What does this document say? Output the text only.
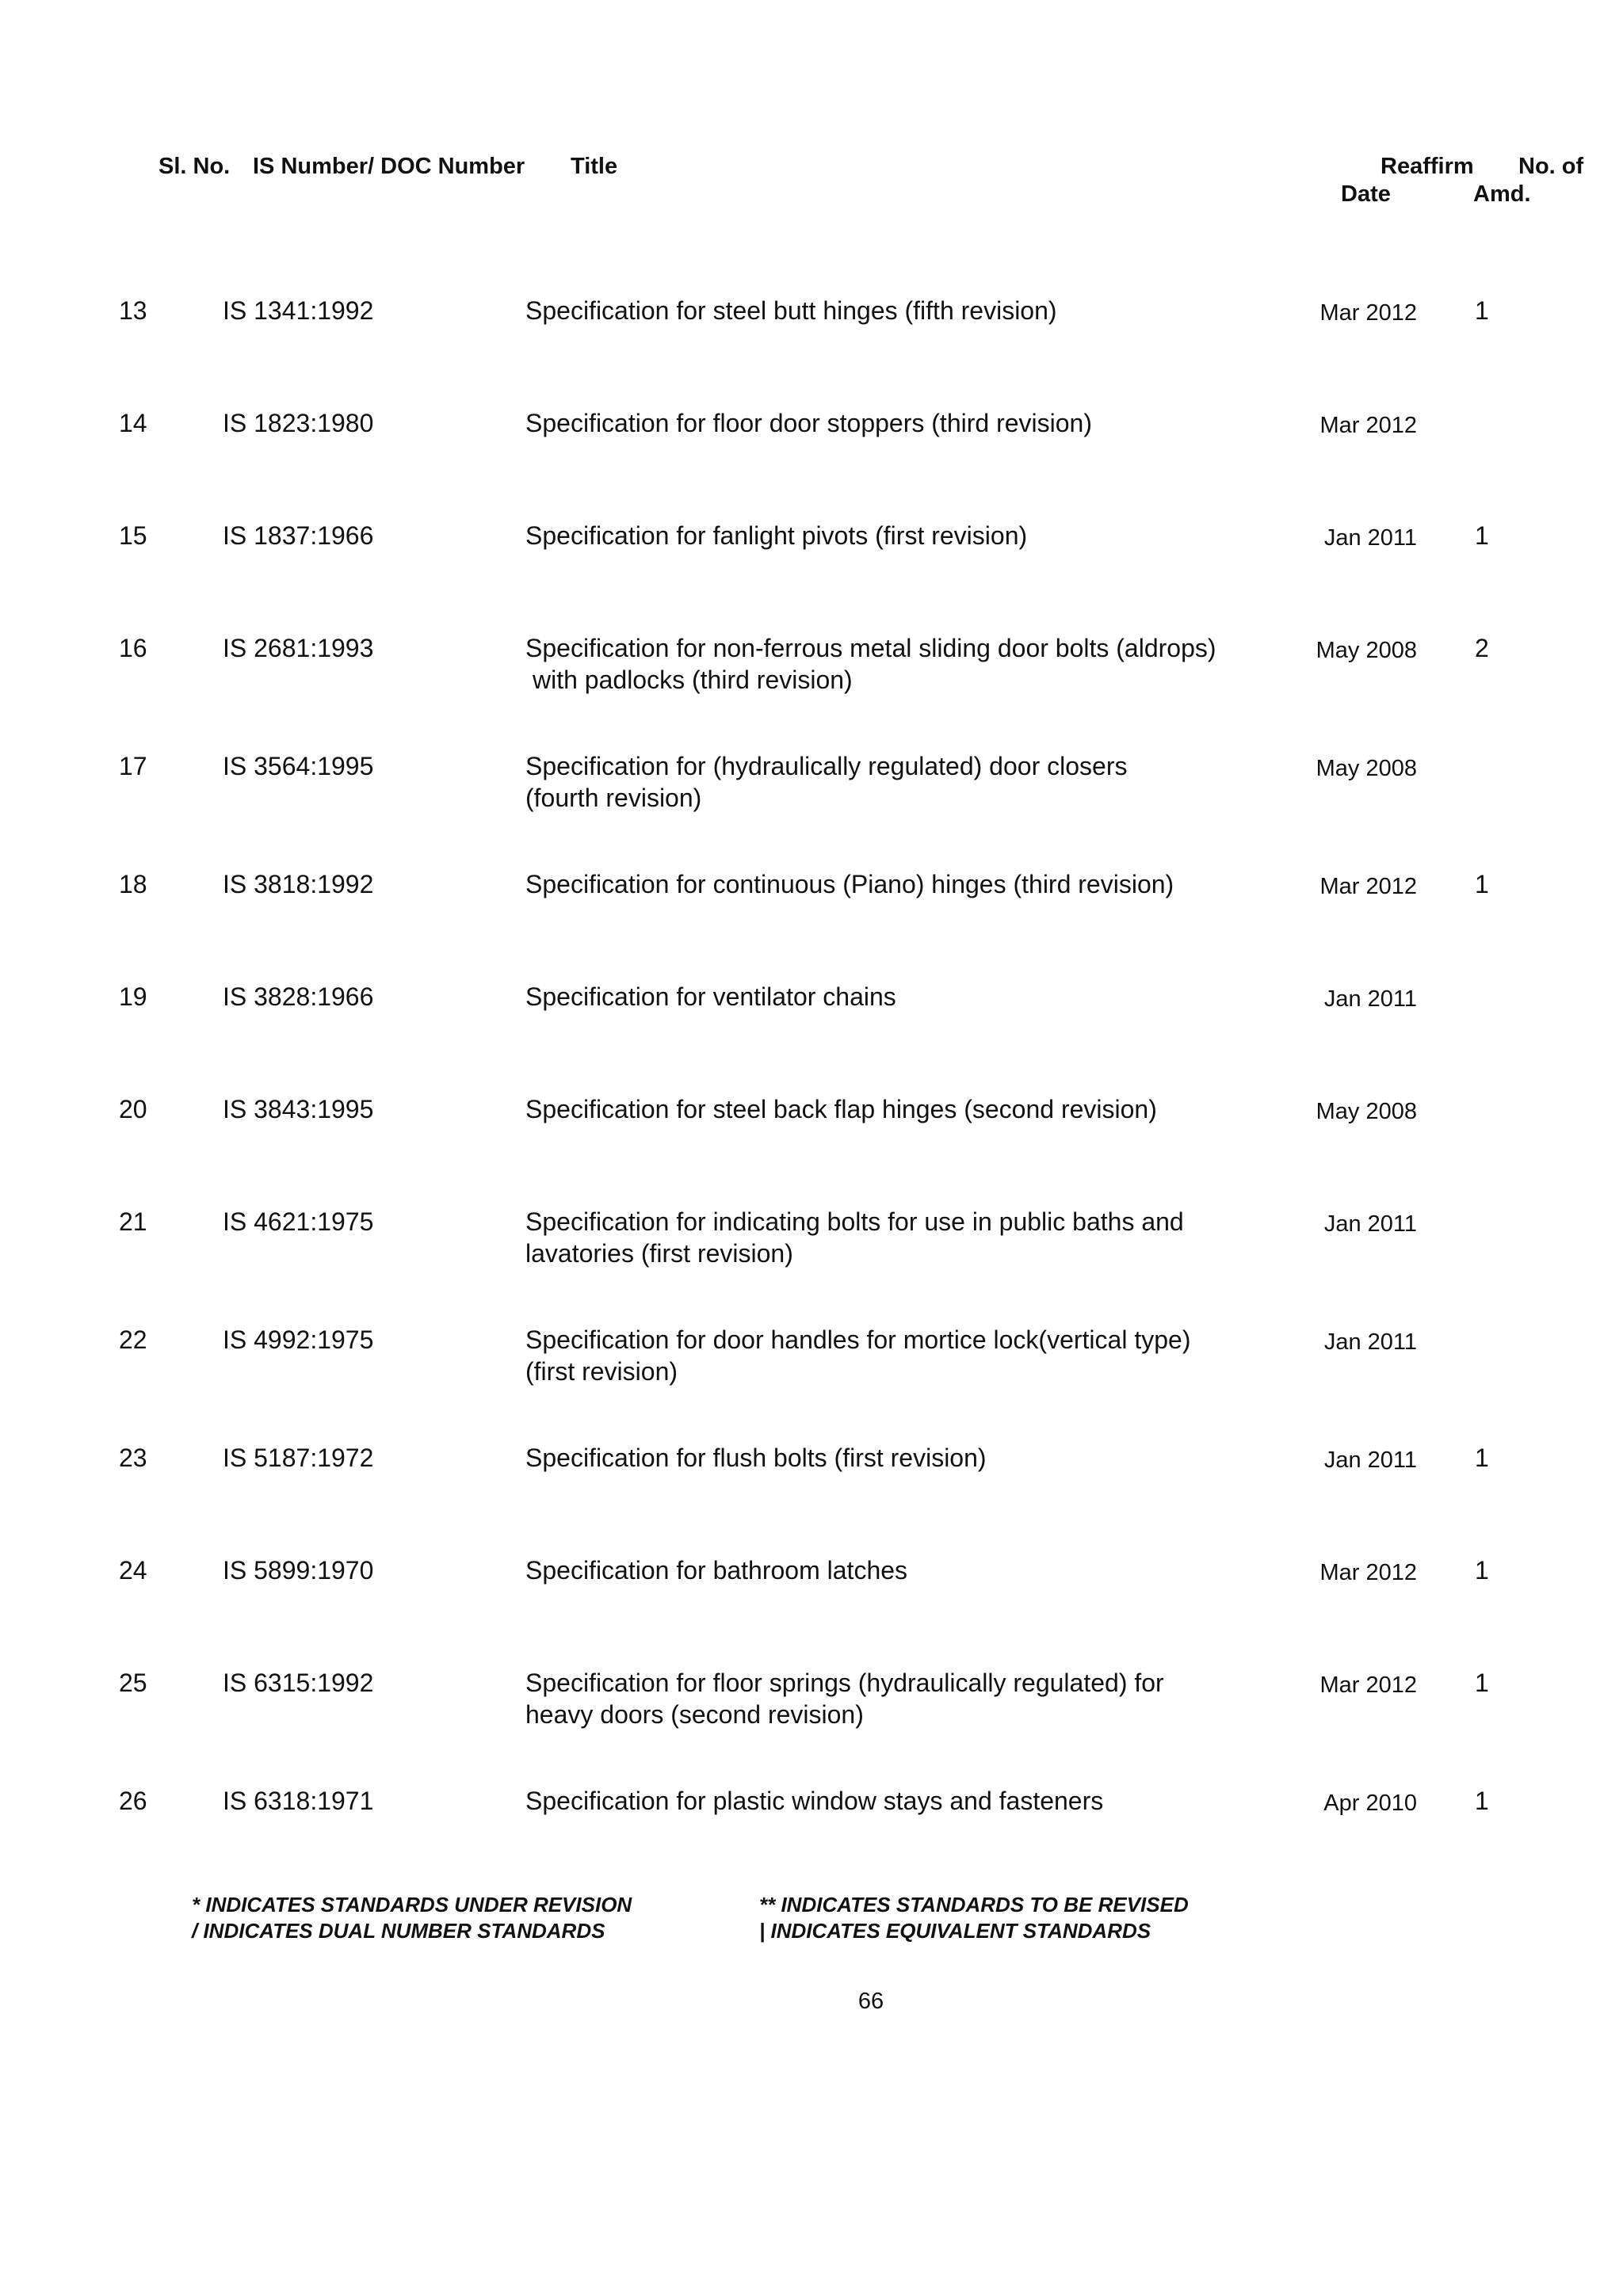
Sl. No. IS Number/ DOC Number Title	Reaffirm No. of
Date	Amd.
13	IS 1341:1992	Specification for steel butt hinges (fifth revision)	Mar 2012 1
14	IS 1823:1980	Specification for floor door stoppers (third revision)	Mar 2012
15	IS 1837:1966	Specification for fanlight pivots (first revision)	Jan 2011 1
16	IS 2681:1993	Specification for non-ferrous metal sliding door bolts (aldrops)
with padlocks (third revision)
May 2008 2
17	IS 3564:1995	Specification for (hydraulically regulated) door closers
(fourth revision)
May 2008
18	IS 3818:1992	Specification for continuous (Piano) hinges (third revision)	Mar 2012 1
19	IS 3828:1966	Specification for ventilator chains	Jan 2011
20	IS 3843:1995	Specification for steel back flap hinges (second revision)	May 2008
21	IS 4621:1975	Specification for indicating bolts for use in public baths and
lavatories (first revision)
Jan 2011
22	IS 4992:1975	Specification for door handles for mortice lock(vertical type)
(first revision)
Jan 2011
23	IS 5187:1972	Specification for flush bolts (first revision)	Jan 2011 1
24	IS 5899:1970	Specification for bathroom latches	Mar 2012 1
25	IS 6315:1992	Specification for floor springs (hydraulically regulated) for
heavy doors (second revision)
Mar 2012 1
26	IS 6318:1971	Specification for plastic window stays and fasteners	Apr 2010 1
* INDICATES STANDARDS UNDER REVISION
/ INDICATES DUAL NUMBER STANDARDS
** INDICATES STANDARDS TO BE REVISED
| INDICATES EQUIVALENT STANDARDS
66
